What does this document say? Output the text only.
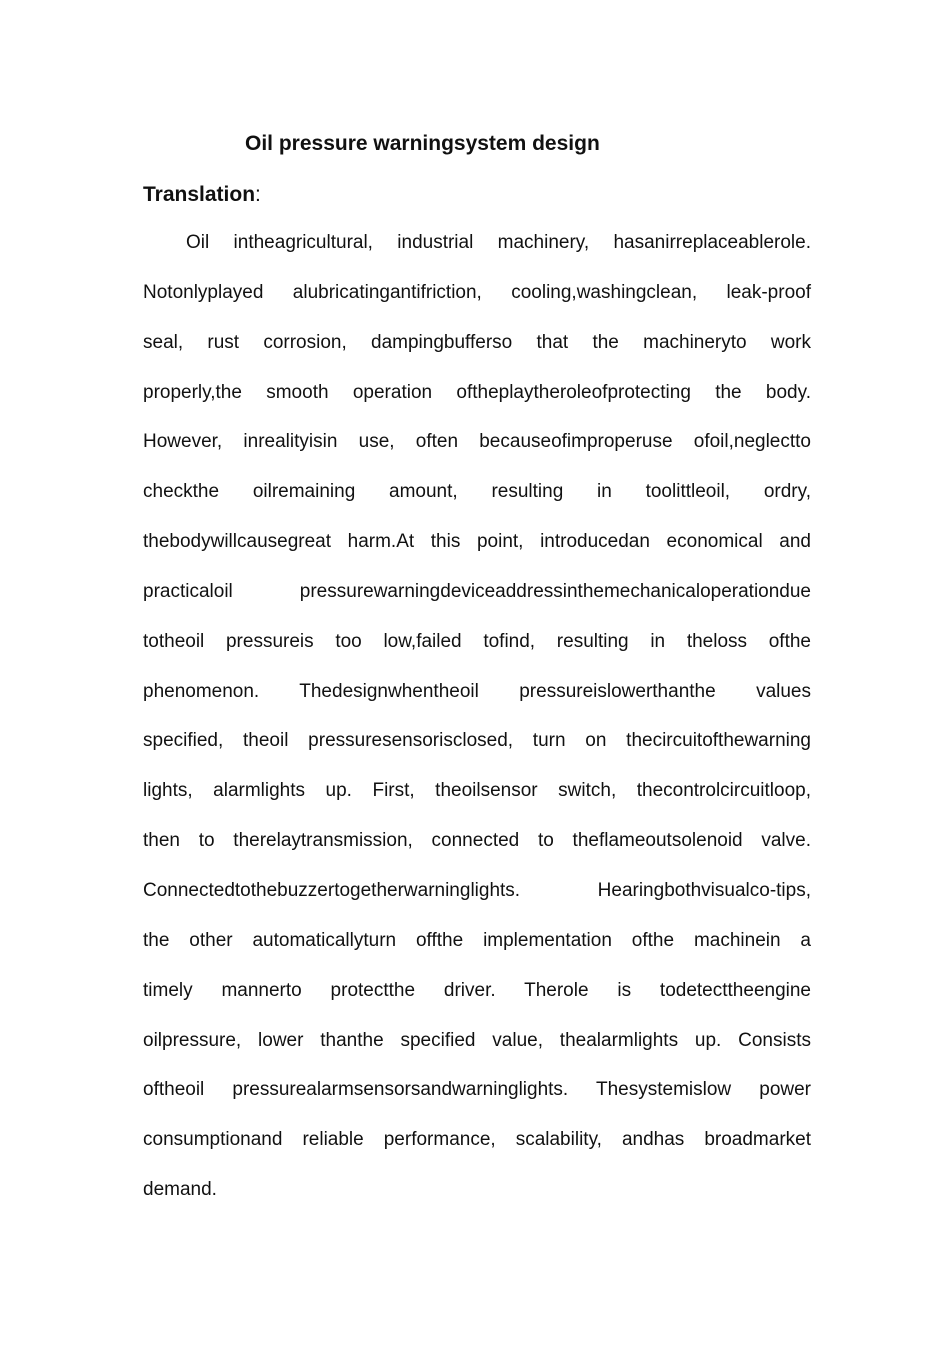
Oil pressure warningsystem design
Translation:
Oil intheagricultural, industrial machinery, hasanirreplaceablerole.
Notonlyplayed alubricatingantifriction, cooling,washingclean, leak-proof
seal, rust corrosion, dampingbufferso that the machineryto work
properly,the smooth operation oftheplaytheroleofprotecting the body.
However, inrealityisin use, often becauseofimproperuse ofoil,neglectto
checkthe oilremaining amount, resulting in toolittleoil, ordry,
thebodywillcausegreat harm.At this point, introducedan economical and
practicaloil pressurewarningdeviceaddressinthemechanicaloperationdue
totheoil pressureis too low,failed tofind, resulting in theloss ofthe
phenomenon. Thedesignwhentheoil pressureislowerthanthe values
specified, theoil pressuresensorisclosed, turn on thecircuitofthewarning
lights, alarmlights up. First, theoilsensor switch, thecontrolcircuitloop,
then to therelaytransmission, connected to theflameoutsolenoid valve.
Connectedtothebuzzertogetherwarninglights. Hearingbothvisualco-tips,
the other automaticallyturn offthe implementation ofthe machinein a
timely mannerto protectthe driver. Therole is todetecttheengine
oilpressure, lower thanthe specified value, thealarmlights up. Consists
oftheoil pressurealarmsensorsandwarninglights. Thesystemislow power
consumptionand reliable performance, scalability, andhas broadmarket
demand.
